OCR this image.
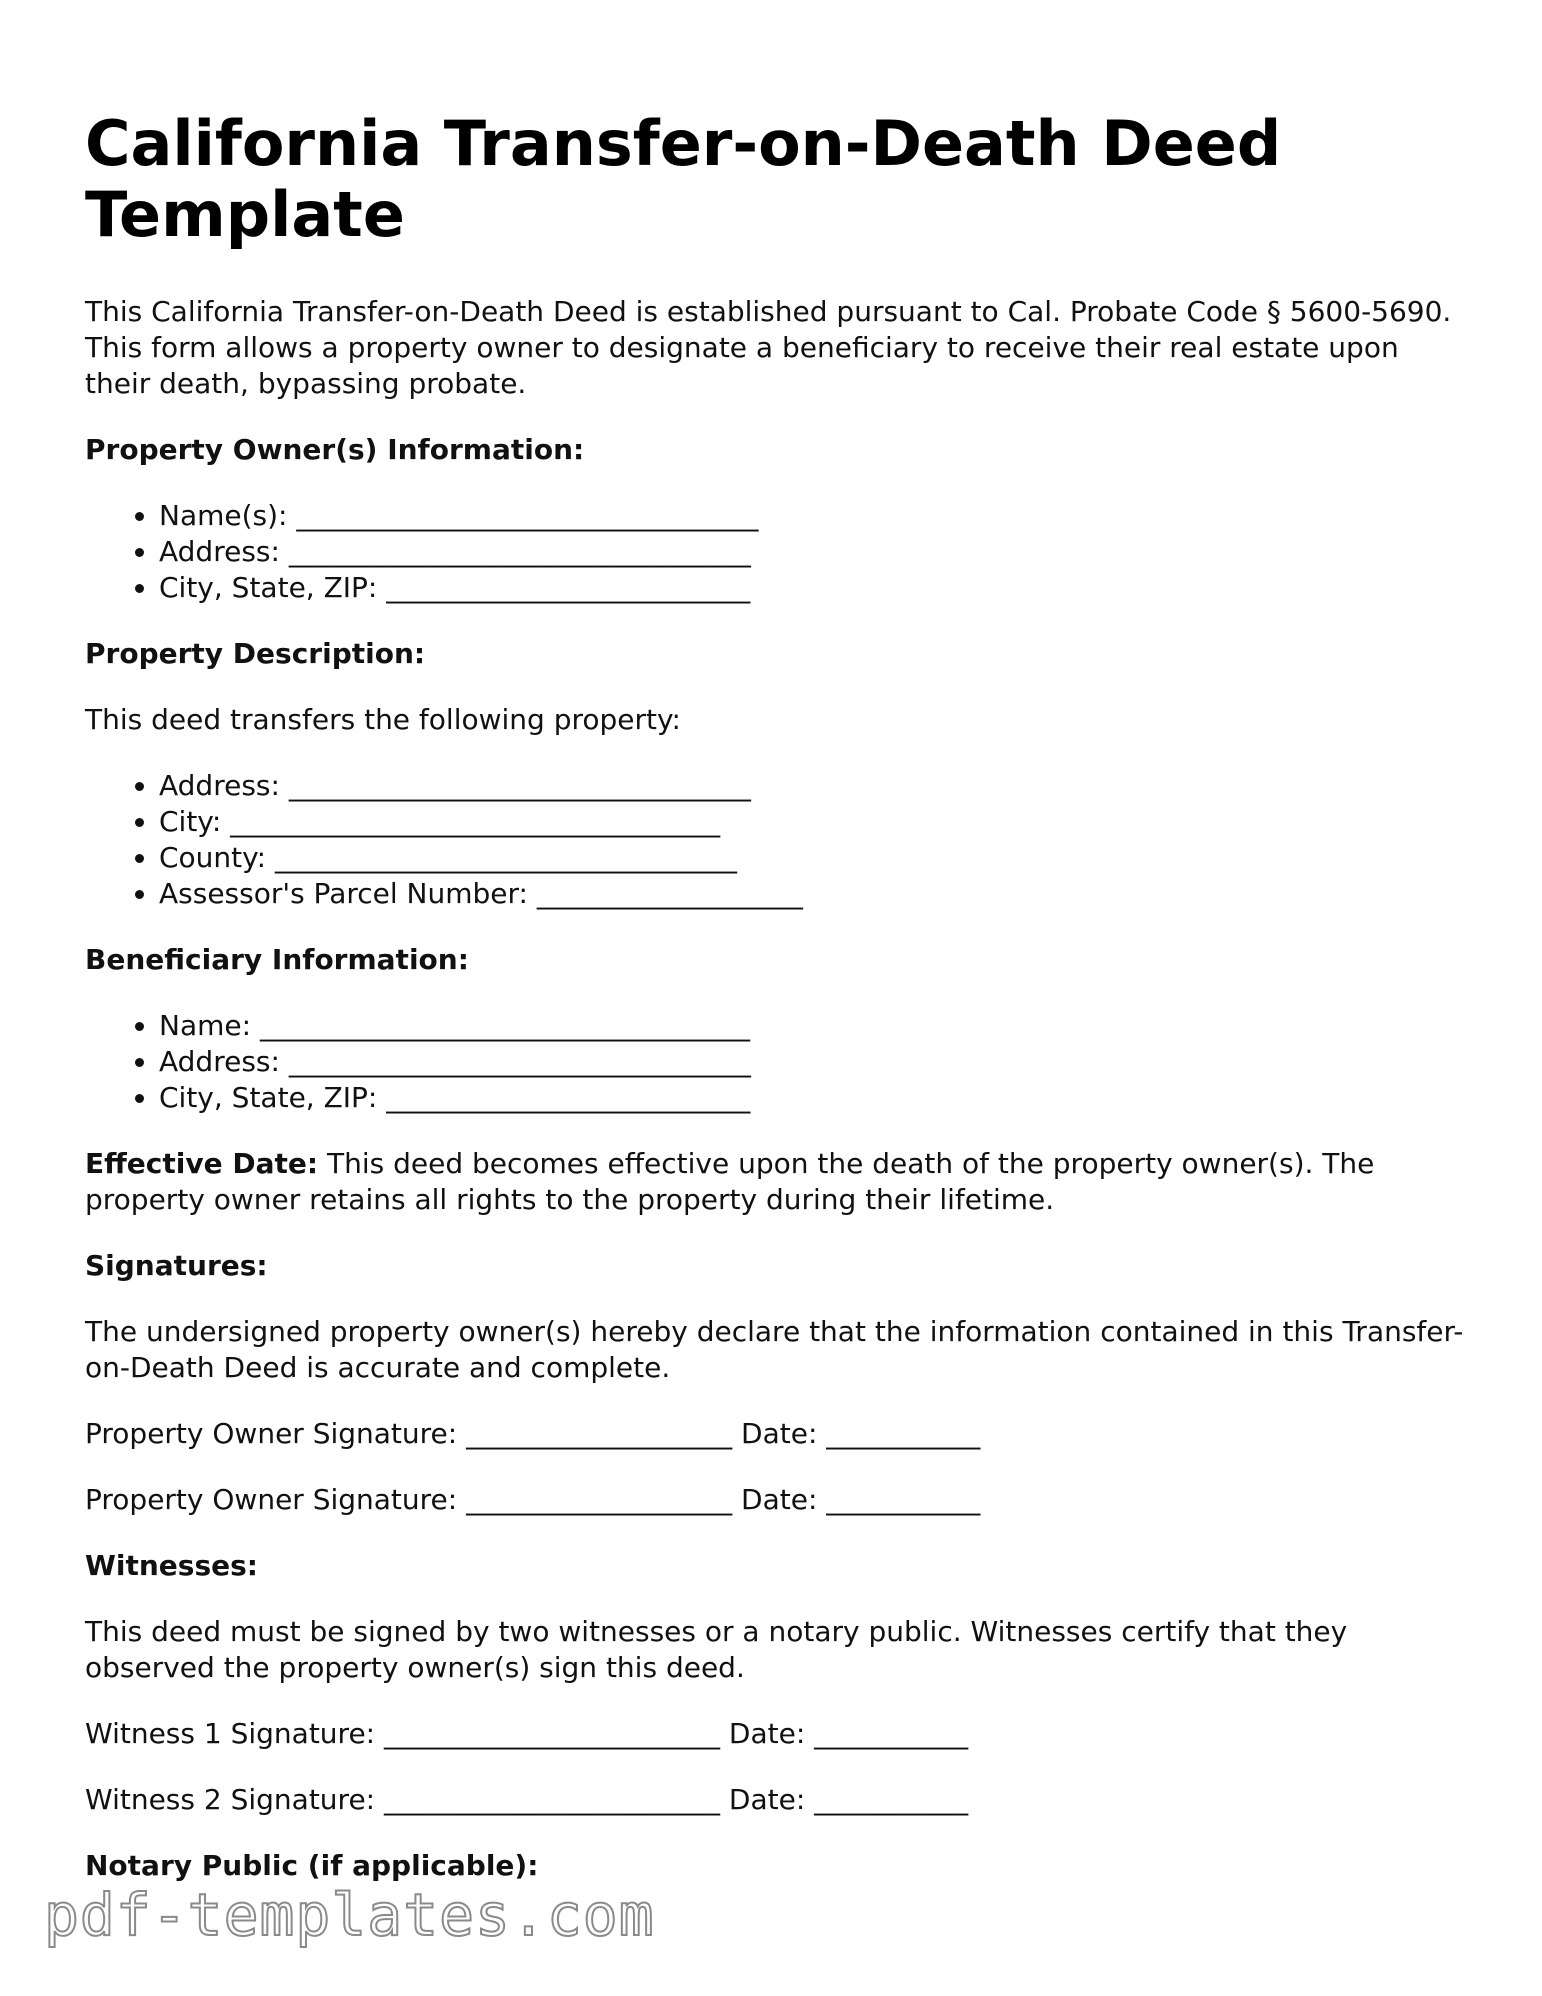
California Transfer-on-Death Deed Template

This California Transfer-on-Death Deed is established pursuant to Cal. Probate Code § 5600-5690. This form allows a property owner to designate a beneficiary to receive their real estate upon their death, bypassing probate.

Property Owner(s) Information:

• Name(s): _________________________________
• Address: _________________________________
• City, State, ZIP: __________________________

Property Description:

This deed transfers the following property:

• Address: _________________________________
• City: ___________________________________
• County: _________________________________
• Assessor's Parcel Number: ___________________

Beneficiary Information:

• Name: ___________________________________
• Address: _________________________________
• City, State, ZIP: __________________________

Effective Date: This deed becomes effective upon the death of the property owner(s). The property owner retains all rights to the property during their lifetime.

Signatures:

The undersigned property owner(s) hereby declare that the information contained in this Transfer-on-Death Deed is accurate and complete.

Property Owner Signature: ___________________ Date: ___________

Property Owner Signature: ___________________ Date: ___________

Witnesses:

This deed must be signed by two witnesses or a notary public. Witnesses certify that they observed the property owner(s) sign this deed.

Witness 1 Signature: ________________________ Date: ___________

Witness 2 Signature: ________________________ Date: ___________

Notary Public (if applicable):

pdf-templates.com
